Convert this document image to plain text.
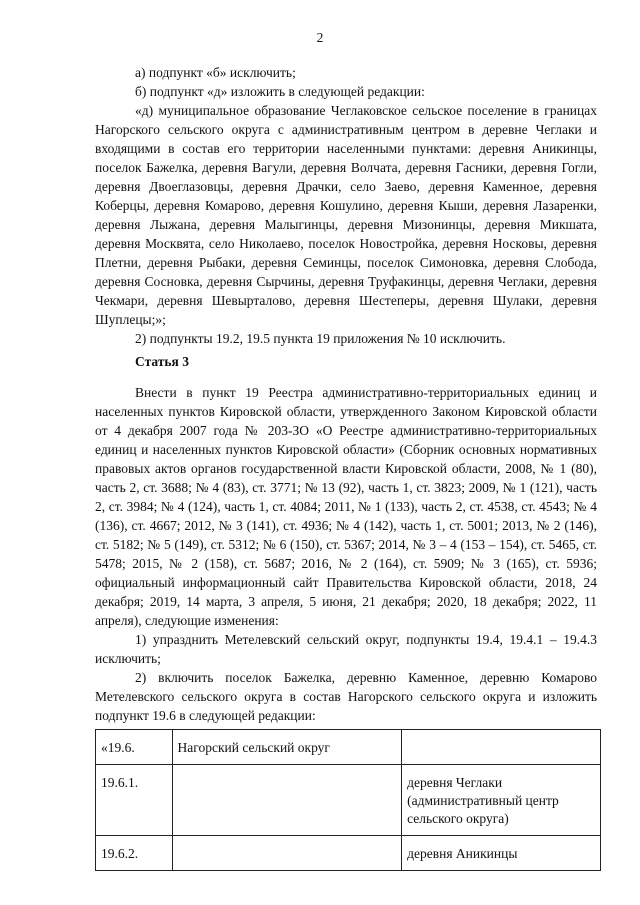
2

а) подпункт «б» исключить;

б) подпункт «д» изложить в следующей редакции:

«д) муниципальное образование Чеглаковское сельское поселение в границах Нагорского сельского округа с административным центром в деревне Чеглаки и входящими в состав его территории населенными пунктами: деревня Аникинцы, поселок Бажелка, деревня Вагули, деревня Волчата, деревня Гасники, деревня Гогли, деревня Двоеглазовцы, деревня Драчки, село Заево, деревня Каменное, деревня Коберцы, деревня Комарово, деревня Кошулино, деревня Кыши, деревня Лазаренки, деревня Лыжана, деревня Малыгинцы, деревня Мизонинцы, деревня Микшата, деревня Москвята, село Николаево, поселок Новостройка, деревня Носковы, деревня Плетни, деревня Рыбаки, деревня Семинцы, поселок Симоновка, деревня Слобода, деревня Сосновка, деревня Сырчины, деревня Труфакинцы, деревня Чеглаки, деревня Чекмари, деревня Шевырталово, деревня Шестеперы, деревня Шулаки, деревня Шуплецы;»;

2) подпункты 19.2, 19.5 пункта 19 приложения № 10 исключить.

Статья 3

Внести в пункт 19 Реестра административно-территориальных единиц и населенных пунктов Кировской области, утвержденного Законом Кировской области от 4 декабря 2007 года № 203-ЗО «О Реестре административно-территориальных единиц и населенных пунктов Кировской области» (Сборник основных нормативных правовых актов органов государственной власти Кировской области, 2008, № 1 (80), часть 2, ст. 3688; № 4 (83), ст. 3771; № 13 (92), часть 1, ст. 3823; 2009, № 1 (121), часть 2, ст. 3984; № 4 (124), часть 1, ст. 4084; 2011, № 1 (133), часть 2, ст. 4538, ст. 4543; № 4 (136), ст. 4667; 2012, № 3 (141), ст. 4936; № 4 (142), часть 1, ст. 5001; 2013, № 2 (146), ст. 5182; № 5 (149), ст. 5312; № 6 (150), ст. 5367; 2014, № 3 – 4 (153 – 154), ст. 5465, ст. 5478; 2015, № 2 (158), ст. 5687; 2016, № 2 (164), ст. 5909; № 3 (165), ст. 5936; официальный информационный сайт Правительства Кировской области, 2018, 24 декабря; 2019, 14 марта, 3 апреля, 5 июня, 21 декабря; 2020, 18 декабря; 2022, 11 апреля), следующие изменения:

1) упразднить Метелевский сельский округ, подпункты 19.4, 19.4.1 – 19.4.3 исключить;

2) включить поселок Бажелка, деревню Каменное, деревню Комарово Метелевского сельского округа в состав Нагорского сельского округа и изложить подпункт 19.6 в следующей редакции:

«19.6.	Нагорский сельский округ	
19.6.1.		деревня Чеглаки (административный центр сельского округа)
19.6.2.		деревня Аникинцы
